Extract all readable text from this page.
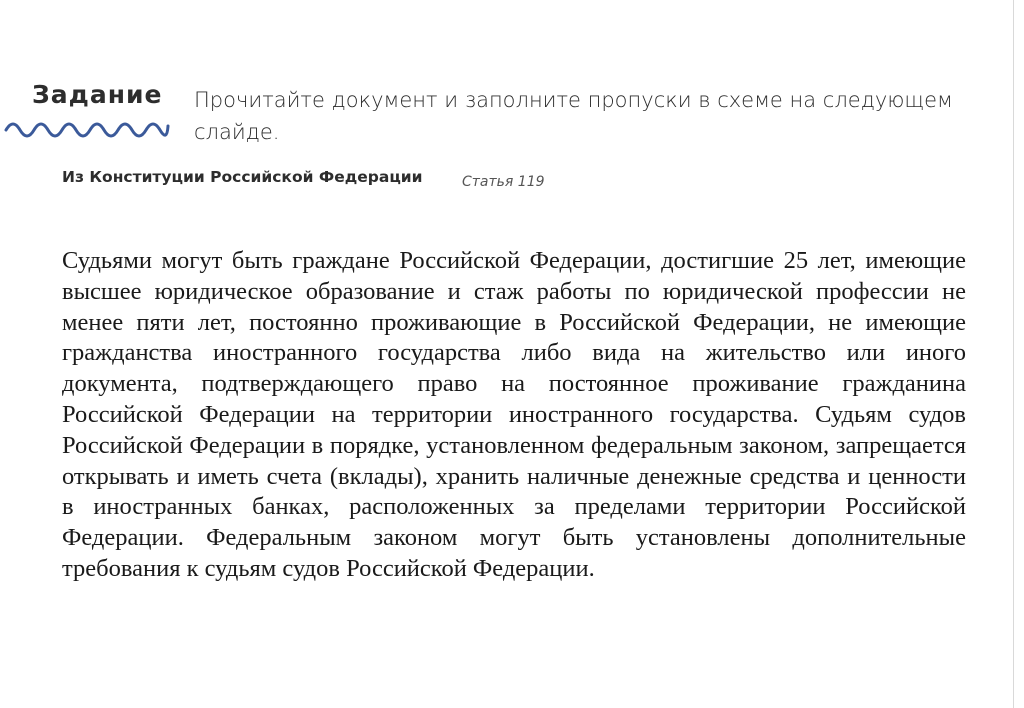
Задание Прочитайте документ и заполните пропуски в схеме на следующем слайде.
Из Конституции Российской Федерации	Статья 119

Судьями могут быть граждане Российской Федерации, достигшие 25 лет, имеющие высшее юридическое образование и стаж работы по юридической профессии не менее пяти лет, постоянно проживающие в Российской Федерации, не имеющие гражданства иностранного государства либо вида на жительство или иного документа, подтверждающего право на постоянное проживание гражданина Российской Федерации на территории иностранного государства. Судьям судов Российской Федерации в порядке, установленном федеральным законом, запрещается открывать и иметь счета (вклады), хранить наличные денежные средства и ценности в иностранных банках, расположенных за пределами территории Российской Федерации. Федеральным законом могут быть установлены дополнительные требования к судьям судов Российской Федерации.
